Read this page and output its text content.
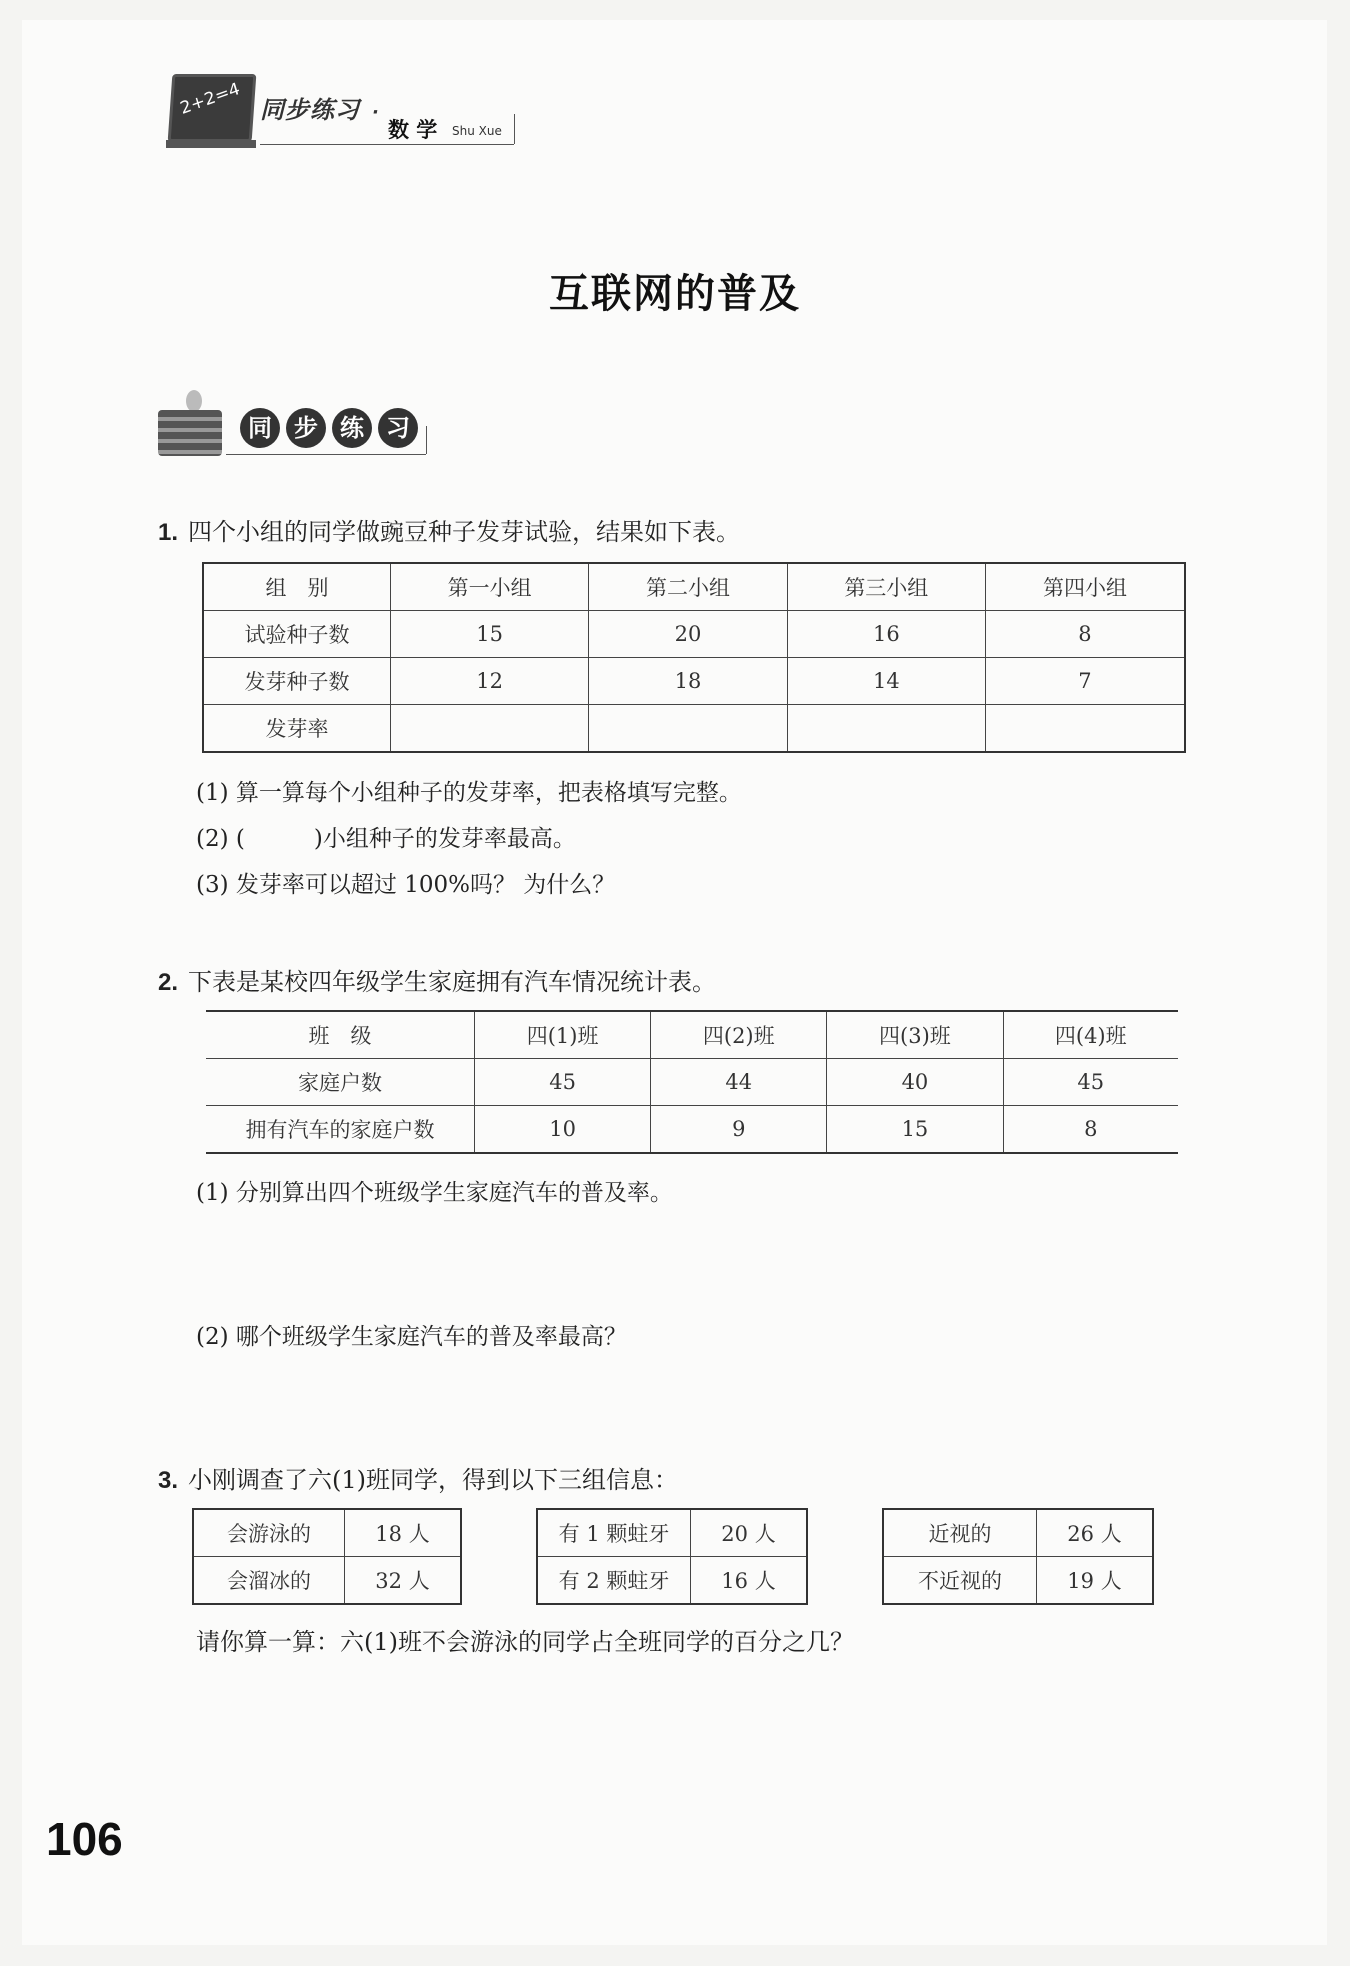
2+2=4 同步练习 ·
数 学 Shu Xue
互联网的普及
同 步 练 习
1. 四个小组的同学做豌豆种子发芽试验，结果如下表。
组　别	第一小组	第二小组	第三小组	第四小组
试验种子数	15	20	16	8
发芽种子数	12	18	14	7
发芽率				
(1) 算一算每个小组种子的发芽率，把表格填写完整。
(2) (　　　)小组种子的发芽率最高。
(3) 发芽率可以超过 100%吗？ 为什么？
2. 下表是某校四年级学生家庭拥有汽车情况统计表。
班　级	四(1)班	四(2)班	四(3)班	四(4)班
家庭户数	45	44	40	45
拥有汽车的家庭户数	10	9	15	8
(1) 分别算出四个班级学生家庭汽车的普及率。
(2) 哪个班级学生家庭汽车的普及率最高？
3. 小刚调查了六(1)班同学，得到以下三组信息：
会游泳的	18 人
会溜冰的	32 人
有 1 颗蛀牙	20 人
有 2 颗蛀牙	16 人
近视的	26 人
不近视的	19 人
请你算一算：六(1)班不会游泳的同学占全班同学的百分之几？
106
